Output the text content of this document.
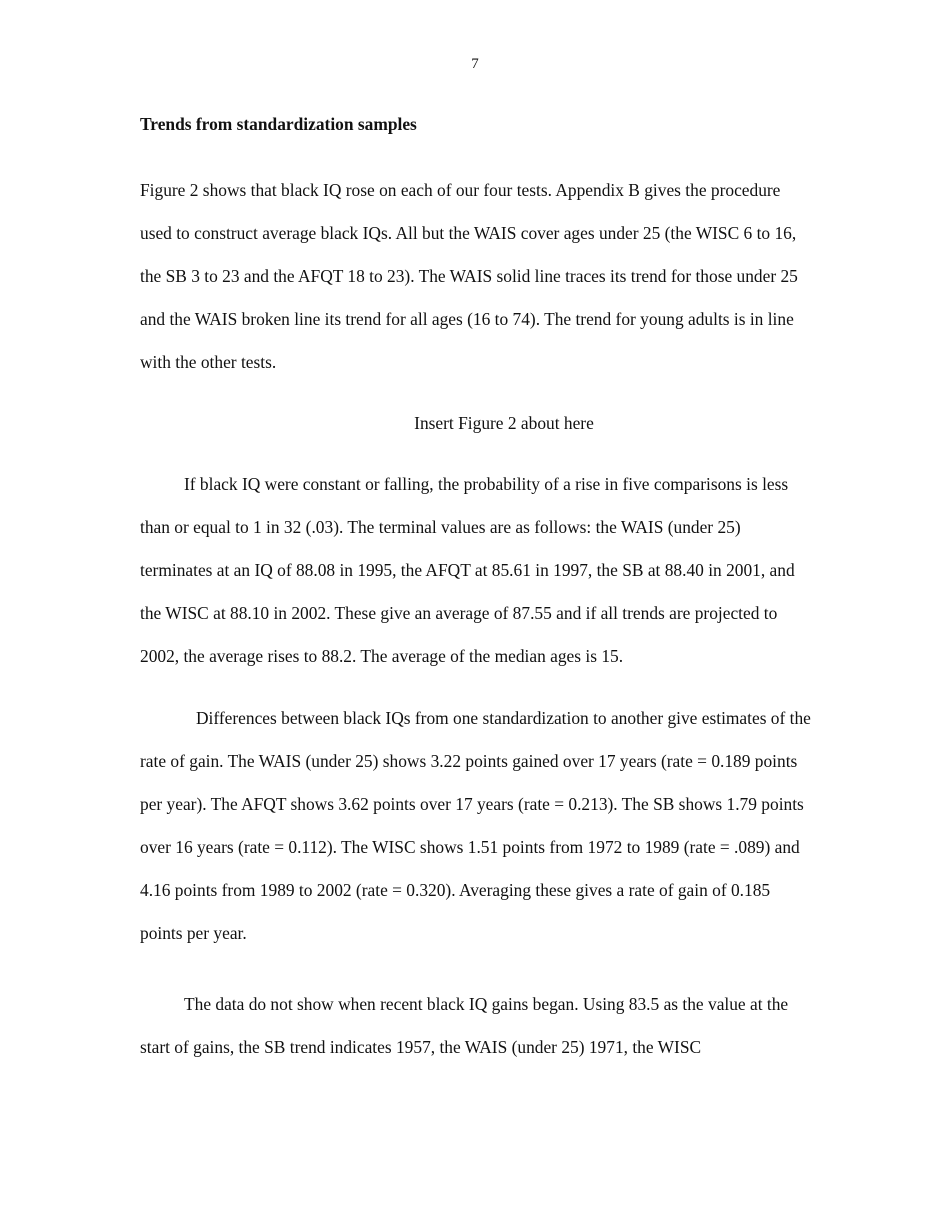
7
Trends from standardization samples

Figure 2 shows that black IQ rose on each of our four tests. Appendix B gives the procedure used to construct average black IQs. All but the WAIS cover ages under 25 (the WISC 6 to 16, the SB 3 to 23 and the AFQT 18 to 23). The WAIS solid line traces its trend for those under 25 and the WAIS broken line its trend for all ages (16 to 74). The trend for young adults is in line with the other tests.

Insert Figure 2 about here

If black IQ were constant or falling, the probability of a rise in five comparisons is less than or equal to 1 in 32 (.03). The terminal values are as follows: the WAIS (under 25) terminates at an IQ of 88.08 in 1995, the AFQT at 85.61 in 1997, the SB at 88.40 in 2001, and the WISC at 88.10 in 2002. These give an average of 87.55 and if all trends are projected to 2002, the average rises to 88.2. The average of the median ages is 15.

Differences between black IQs from one standardization to another give estimates of the rate of gain. The WAIS (under 25) shows 3.22 points gained over 17 years (rate = 0.189 points per year). The AFQT shows 3.62 points over 17 years (rate = 0.213). The SB shows 1.79 points over 16 years (rate = 0.112). The WISC shows 1.51 points from 1972 to 1989 (rate = .089) and 4.16 points from 1989 to 2002 (rate = 0.320). Averaging these gives a rate of gain of 0.185 points per year.

The data do not show when recent black IQ gains began. Using 83.5 as the value at the start of gains, the SB trend indicates 1957, the WAIS (under 25) 1971, the WISC
